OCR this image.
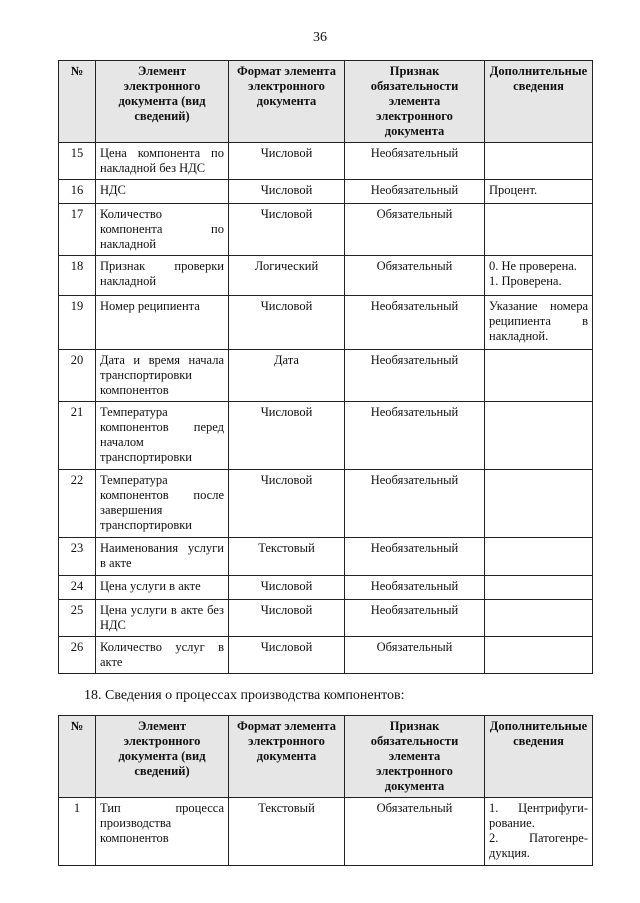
36
№	Элемент электронного документа (вид сведений)	Формат элемента электронного документа	Признак обязательности элемента электронного документа	Дополнительные сведения
15	Цена компонента по накладной без НДС	Числовой	Необязательный	
16	НДС	Числовой	Необязательный	Процент.

17	Количество компонента по накладной	Числовой	Обязательный	
18	Признак проверки накладной	Логический	Обязательный	0. Не проверена.
1. Проверена.

19	Номер реципиента	Числовой	Необязательный	Указание номера реципиента в накладной.

20	Дата и время начала транспортировки компонентов	Дата	Необязательный	
21	Температура компонентов перед началом транспортировки	Числовой	Необязательный	
22	Температура компонентов после завершения транспортировки	Числовой	Необязательный	
23	Наименования услуги в акте	Текстовый	Необязательный	
24	Цена услуги в акте	Числовой	Необязательный	
25	Цена услуги в акте без НДС	Числовой	Необязательный	
26	Количество услуг в акте	Числовой	Обязательный	
18. Сведения о процессах производства компонентов:
№	Элемент электронного документа (вид сведений)	Формат элемента электронного документа	Признак обязательности элемента электронного документа	Дополнительные сведения
1	Тип процесса производства компонентов	Текстовый	Обязательный	1. Центрифуги-рование.
2. Патогенре-дукция.
